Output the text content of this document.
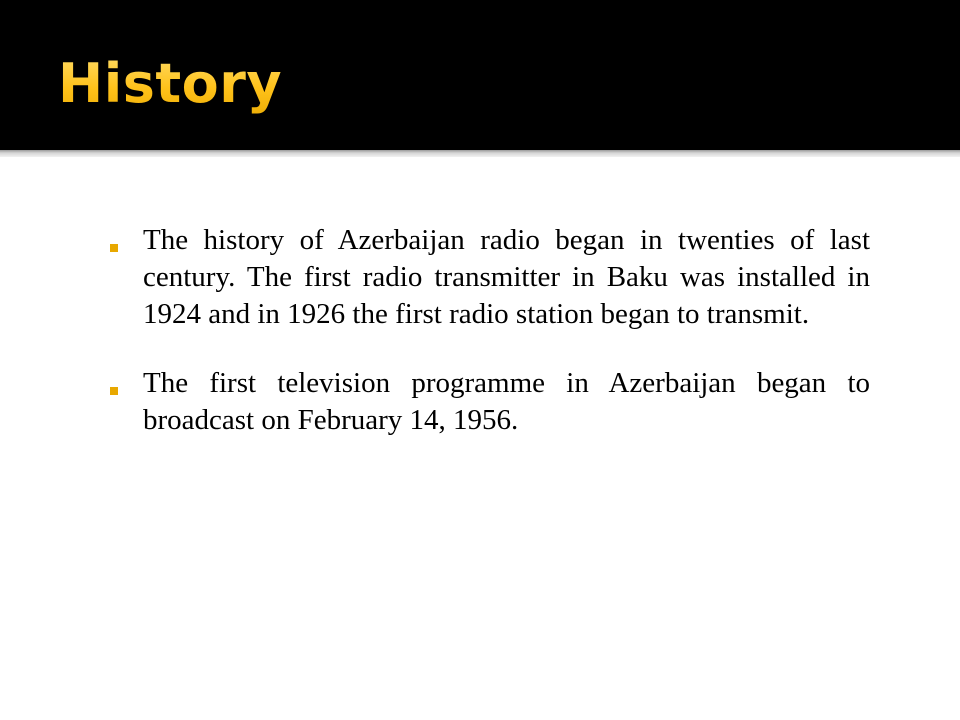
History
The history of Azerbaijan radio began in twenties of last century. The first radio transmitter in Baku was installed in 1924 and in 1926 the first radio station began to transmit.
The first television programme in Azerbaijan began to broadcast on February 14, 1956.
